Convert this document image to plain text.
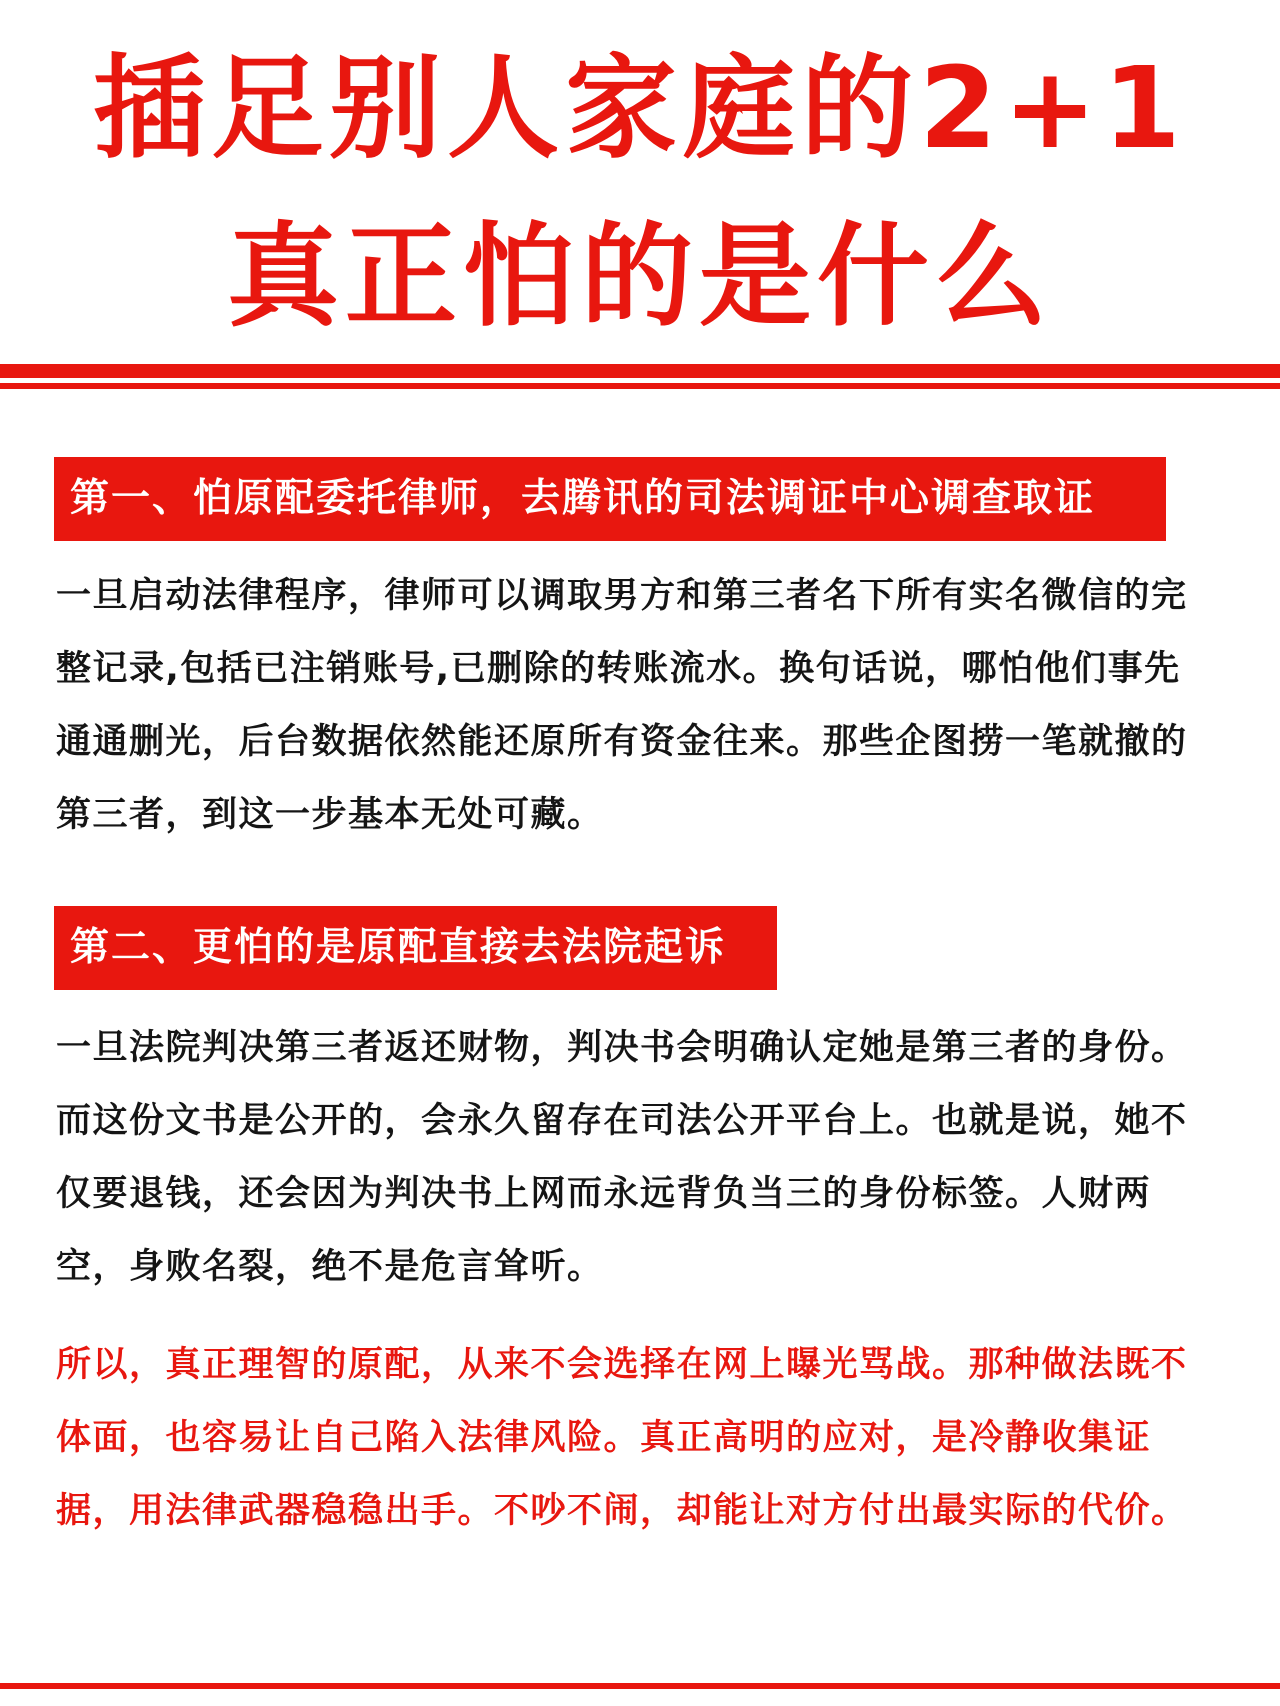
插足别人家庭的2+1
真正怕的是什么
第一、怕原配委托律师，去腾讯的司法调证中心调查取证
一旦启动法律程序，律师可以调取男方和第三者名下所有实名微信的完
整记录,包括已注销账号,已删除的转账流水。换句话说，哪怕他们事先
通通删光，后台数据依然能还原所有资金往来。那些企图捞一笔就撤的
第三者，到这一步基本无处可藏。
第二、更怕的是原配直接去法院起诉
一旦法院判决第三者返还财物，判决书会明确认定她是第三者的身份。
而这份文书是公开的，会永久留存在司法公开平台上。也就是说，她不
仅要退钱，还会因为判决书上网而永远背负当三的身份标签。人财两
空，身败名裂，绝不是危言耸听。
所以，真正理智的原配，从来不会选择在网上曝光骂战。那种做法既不
体面，也容易让自己陷入法律风险。真正高明的应对，是冷静收集证
据，用法律武器稳稳出手。不吵不闹，却能让对方付出最实际的代价。
